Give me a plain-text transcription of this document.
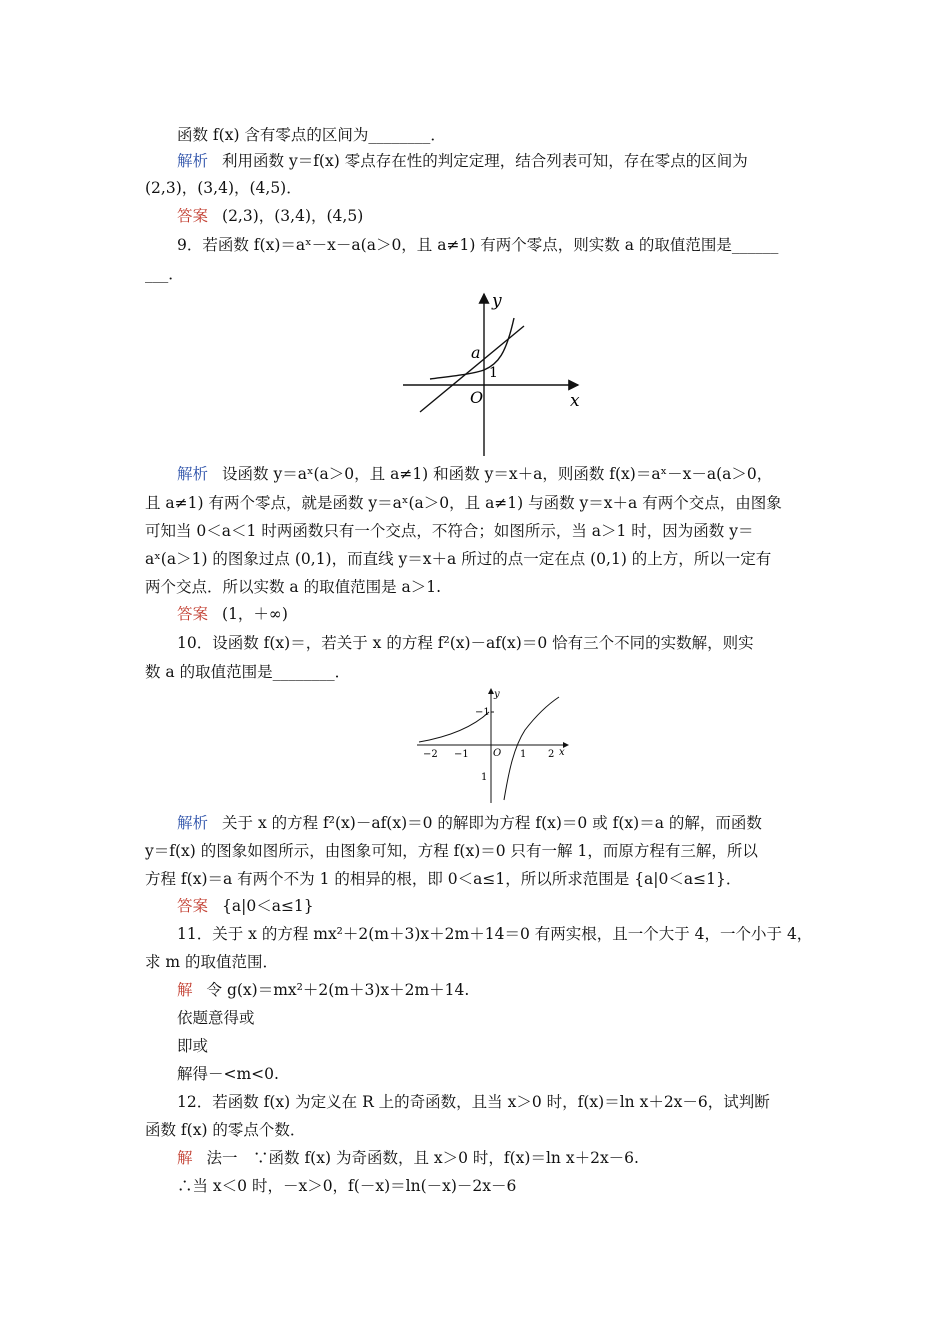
函数 f(x) 含有零点的区间为________．
解析 利用函数 y＝f(x) 零点存在性的判定定理，结合列表可知，存在零点的区间为
(2,3)，(3,4)，(4,5)．
答案 (2,3)，(3,4)，(4,5)
9．若函数 f(x)＝aˣ－x－a(a＞0，且 a≠1) 有两个零点，则实数 a 的取值范围是______
___．
y
x
O
a
1
解析 设函数 y＝aˣ(a＞0，且 a≠1) 和函数 y＝x＋a，则函数 f(x)＝aˣ－x－a(a＞0，
且 a≠1) 有两个零点，就是函数 y＝aˣ(a＞0，且 a≠1) 与函数 y＝x＋a 有两个交点，由图象
可知当 0＜a＜1 时两函数只有一个交点，不符合；如图所示，当 a＞1 时，因为函数 y＝
aˣ(a＞1) 的图象过点 (0,1)，而直线 y＝x＋a 所过的点一定在点 (0,1) 的上方，所以一定有
两个交点．所以实数 a 的取值范围是 a＞1.
答案 (1，＋∞)
10．设函数 f(x)＝，若关于 x 的方程 f²(x)－af(x)＝0 恰有三个不同的实数解，则实
数 a 的取值范围是________．
y
x
O
−2 −1	1 2
−1
1
解析 关于 x 的方程 f²(x)－af(x)＝0 的解即为方程 f(x)＝0 或 f(x)＝a 的解，而函数
y＝f(x) 的图象如图所示，由图象可知，方程 f(x)＝0 只有一解 1，而原方程有三解，所以
方程 f(x)＝a 有两个不为 1 的相异的根，即 0＜a≤1，所以所求范围是 {a|0＜a≤1}．
答案 {a|0＜a≤1}
11．关于 x 的方程 mx²＋2(m＋3)x＋2m＋14＝0 有两实根，且一个大于 4，一个小于 4，
求 m 的取值范围．
解 令 g(x)＝mx²＋2(m＋3)x＋2m＋14.
依题意得或
即或
解得－<m<0.
12．若函数 f(x) 为定义在 R 上的奇函数，且当 x＞0 时，f(x)＝ln x＋2x－6，试判断
函数 f(x) 的零点个数．
解 法一　∵函数 f(x) 为奇函数，且 x＞0 时，f(x)＝ln x＋2x－6.
∴当 x＜0 时，－x＞0，f(－x)＝ln(－x)－2x－6
